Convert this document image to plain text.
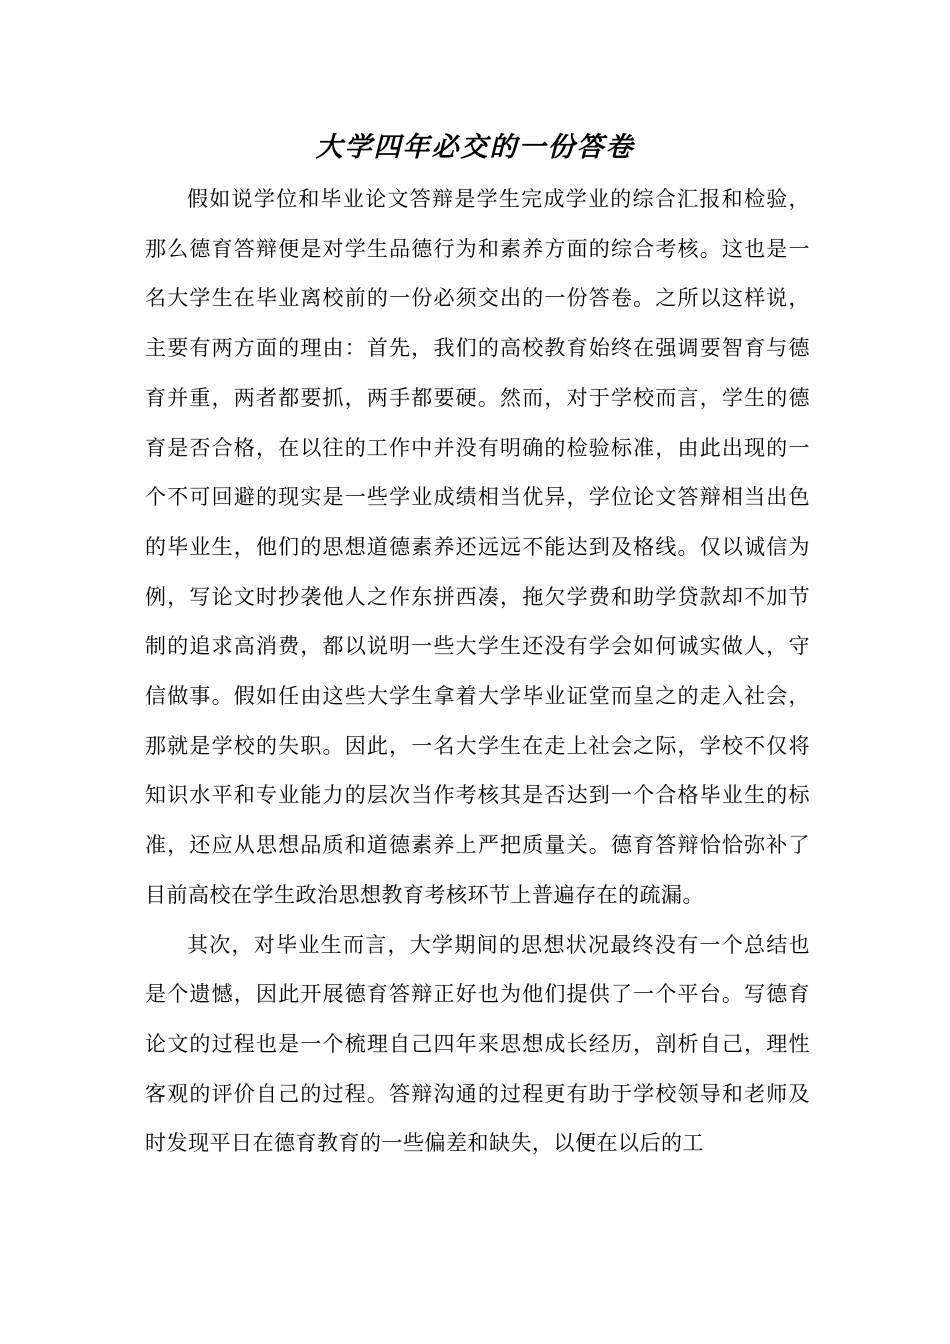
大学四年必交的一份答卷

假如说学位和毕业论文答辩是学生完成学业的综合汇报和检验，那么德育答辩便是对学生品德行为和素养方面的综合考核。这也是一名大学生在毕业离校前的一份必须交出的一份答卷。之所以这样说，主要有两方面的理由：首先，我们的高校教育始终在强调要智育与德育并重，两者都要抓，两手都要硬。然而，对于学校而言，学生的德育是否合格，在以往的工作中并没有明确的检验标准，由此出现的一个不可回避的现实是一些学业成绩相当优异，学位论文答辩相当出色的毕业生，他们的思想道德素养还远远不能达到及格线。仅以诚信为例，写论文时抄袭他人之作东拼西凑，拖欠学费和助学贷款却不加节制的追求高消费，都以说明一些大学生还没有学会如何诚实做人，守信做事。假如任由这些大学生拿着大学毕业证堂而皇之的走入社会，那就是学校的失职。因此，一名大学生在走上社会之际，学校不仅将知识水平和专业能力的层次当作考核其是否达到一个合格毕业生的标准，还应从思想品质和道德素养上严把质量关。德育答辩恰恰弥补了目前高校在学生政治思想教育考核环节上普遍存在的疏漏。

其次，对毕业生而言，大学期间的思想状况最终没有一个总结也是个遗憾，因此开展德育答辩正好也为他们提供了一个平台。写德育论文的过程也是一个梳理自己四年来思想成长经历，剖析自己，理性客观的评价自己的过程。答辩沟通的过程更有助于学校领导和老师及时发现平日在德育教育的一些偏差和缺失，以便在以后的工
